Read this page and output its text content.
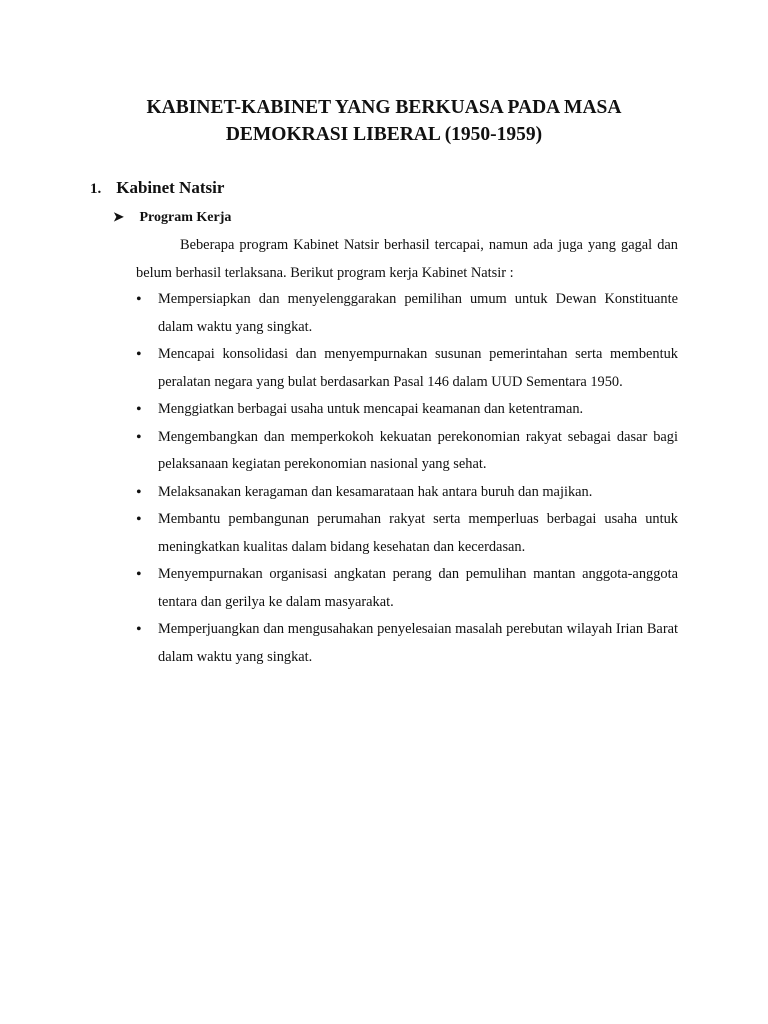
KABINET-KABINET YANG BERKUASA PADA MASA
DEMOKRASI LIBERAL (1950-1959)
1. Kabinet Natsir
➤ Program Kerja

Beberapa program Kabinet Natsir berhasil tercapai, namun ada juga yang gagal dan belum berhasil terlaksana. Berikut program kerja Kabinet Natsir :

• Mempersiapkan dan menyelenggarakan pemilihan umum untuk Dewan Konstituante dalam waktu yang singkat.
• Mencapai konsolidasi dan menyempurnakan susunan pemerintahan serta membentuk peralatan negara yang bulat berdasarkan Pasal 146 dalam UUD Sementara 1950.
• Menggiatkan berbagai usaha untuk mencapai keamanan dan ketentraman.
• Mengembangkan dan memperkokoh kekuatan perekonomian rakyat sebagai dasar bagi pelaksanaan kegiatan perekonomian nasional yang sehat.
• Melaksanakan keragaman dan kesamarataan hak antara buruh dan majikan.
• Membantu pembangunan perumahan rakyat serta memperluas berbagai usaha untuk meningkatkan kualitas dalam bidang kesehatan dan kecerdasan.
• Menyempurnakan organisasi angkatan perang dan pemulihan mantan anggota-anggota tentara dan gerilya ke dalam masyarakat.
• Memperjuangkan dan mengusahakan penyelesaian masalah perebutan wilayah Irian Barat dalam waktu yang singkat.
